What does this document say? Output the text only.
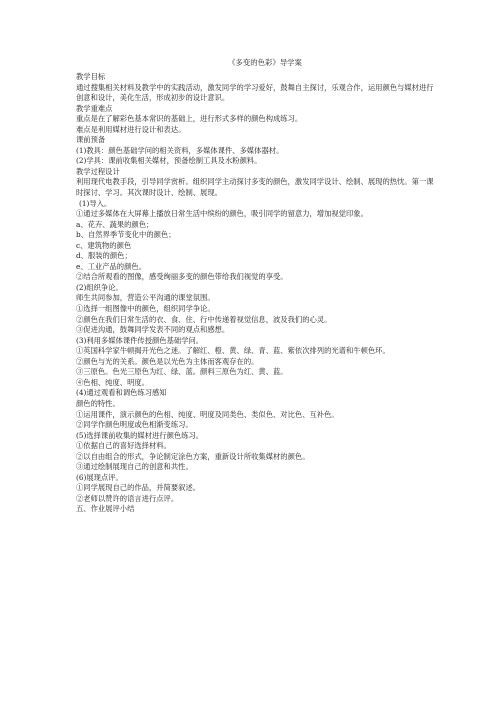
《多变的色彩》导学案
教学目标
通过搜集相关材料及教学中的实践活动，激发同学的学习爱好，鼓舞自主探讨，乐观合作，运用颜色与媒材进行创意和设计，美化生活，形成初步的设计意识。
教学重难点
重点是在了解彩色基本常识的基础上，进行形式多样的颜色构成练习。
难点是利用媒材进行设计和表达。
课前预备
(1)教具：颜色基础学问的相关资料，多媒体课件、多媒体器材。
(2)学具：课前收集相关媒材，预备绘制工具及水粉颜料。
教学过程设计
利用现代电教手段，引导同学赏析。组织同学主动探讨多变的颜色，激发同学设计、绘制、展现的热忱。第一课时探讨、学习。其次课时设计、绘制、展现。
(1)导入。
①通过多媒体在大屏幕上播放日常生活中缤纷的颜色，吸引同学的留意力，增加视觉印象。
a、花卉、蔬果的颜色；
b、自然界季节变化中的颜色；
c、建筑物的颜色
d、服装的颜色；
e、工业产品的颜色。
②结合所观看的图像，感受绚丽多变的颜色带给我们视觉的享受。
(2)组织争论。
师生共同参加，营造公平沟通的课堂氛围。
①选择一组图像中的颜色，组织同学争论。
②颜色在我们日常生活的衣、食、住、行中传递着视觉信息，波及我们的心灵。
③促进沟通，鼓舞同学发表不同的观点和感想。
(3)利用多媒体课件传授颜色基础学问。
①英国科学家牛顿揭开光色之迷。了解红、橙、黄、绿、青、蓝、紫依次排列的光谱和牛顿色环。
②颜色与光的关系。颜色是以光色为主体而客观存在的。
③三原色。色光三原色为红、绿、蓝。颜料三原色为红、黄、蓝。
④色相、纯度、明度。
(4)通过观看和调色练习感知
颜色的特性。
①运用课件，演示颜色的色相、纯度、明度及同类色、类似色、对比色、互补色。
②同学作颜色明度或色相渐变练习。
(5)选择课前收集的媒材进行颜色练习。
①依据自己的喜好选择材料。
②以自由组合的形式，争论制定涂色方案，重新设计所收集媒材的颜色。
③通过绘制展现自己的创意和共性。
(6)展现点评。
①同学展现自己的作品，并简要叙述。
②老师以赞许的语言进行点评。
五、作业展评小结
